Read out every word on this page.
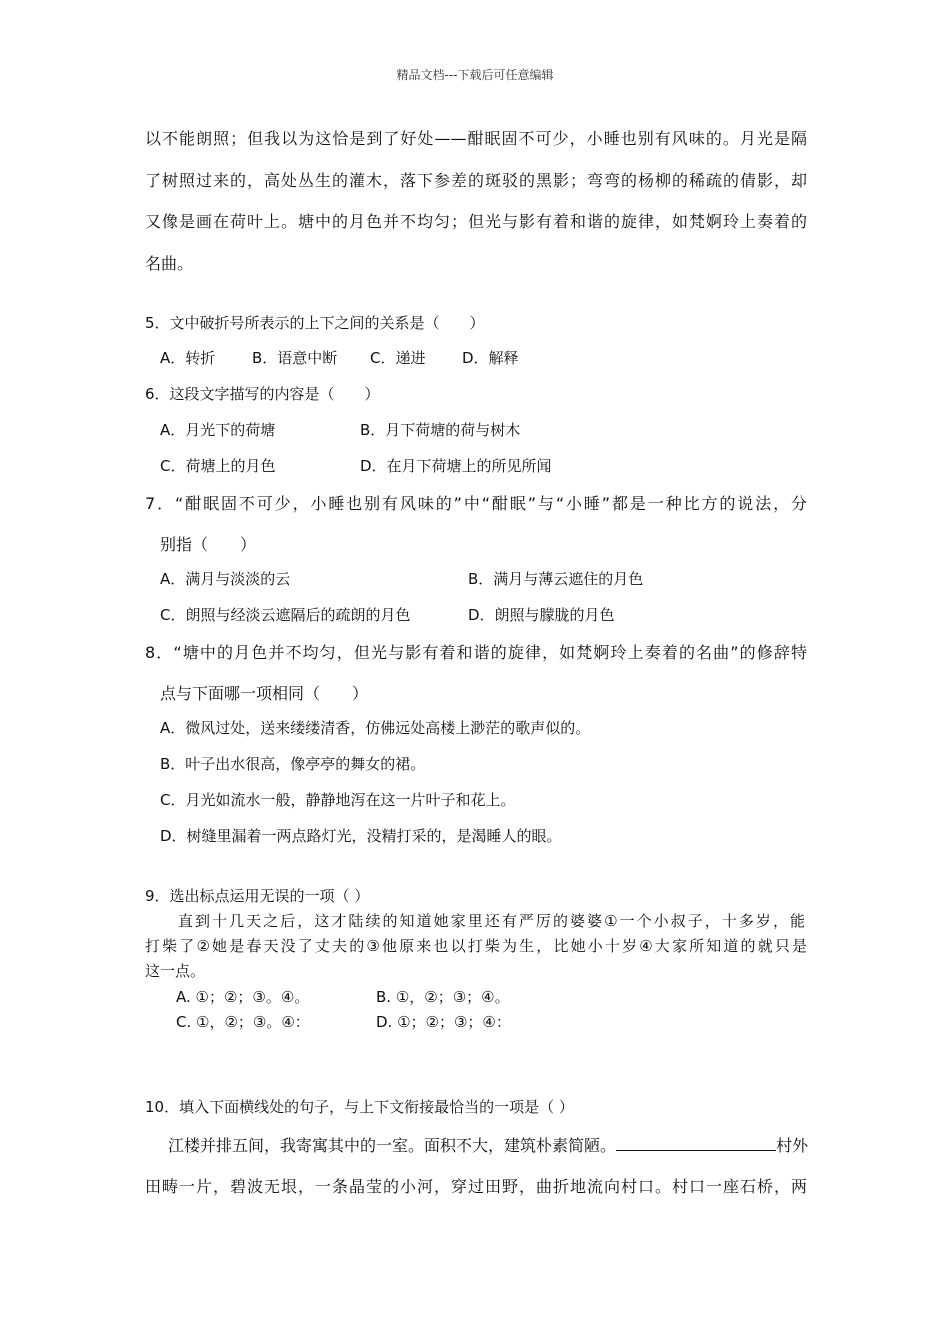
精品文档---下载后可任意编辑
以不能朗照；但我以为这恰是到了好处——酣眠固不可少，小睡也别有风味的。月光是隔
了树照过来的，高处丛生的灌木，落下参差的斑驳的黑影；弯弯的杨柳的稀疏的倩影，却
又像是画在荷叶上。塘中的月色并不均匀；但光与影有着和谐的旋律，如梵婀玲上奏着的
名曲。
5．文中破折号所表示的上下之间的关系是（　　）
A．转折 B．语意中断 C．递进 D．解释
6．这段文字描写的内容是（　　）
A．月光下的荷塘	B．月下荷塘的荷与树木
C．荷塘上的月色	D．在月下荷塘上的所见所闻
7．“酣眠固不可少，小睡也别有风味的”中“酣眠”与“小睡”都是一种比方的说法，分
别指（　　）
A．满月与淡淡的云	B．满月与薄云遮住的月色
C．朗照与经淡云遮隔后的疏朗的月色	D．朗照与朦胧的月色
8．“塘中的月色并不均匀，但光与影有着和谐的旋律，如梵婀玲上奏着的名曲”的修辞特
点与下面哪一项相同（　　）
A．微风过处，送来缕缕清香，仿佛远处高楼上渺茫的歌声似的。
B．叶子出水很高，像亭亭的舞女的裙。
C．月光如流水一般，静静地泻在这一片叶子和花上。
D．树缝里漏着一两点路灯光，没精打采的，是渴睡人的眼。
9．选出标点运用无误的一项（ ）
直到十几天之后，这才陆续的知道她家里还有严厉的婆婆①一个小叔子，十多岁，能
打柴了②她是春天没了丈夫的③他原来也以打柴为生，比她小十岁④大家所知道的就只是
这一点。
A. ①；②；③。④。	B. ①，②；③；④。
C. ①，②；③。④：	D. ①；②；③；④：
10．填入下面横线处的句子，与上下文衔接最恰当的一项是（ ）
江楼并排五间，我寄寓其中的一室。面积不大，建筑朴素简陋。	村外
田畴一片，碧波无垠，一条晶莹的小河，穿过田野，曲折地流向村口。村口一座石桥，两
